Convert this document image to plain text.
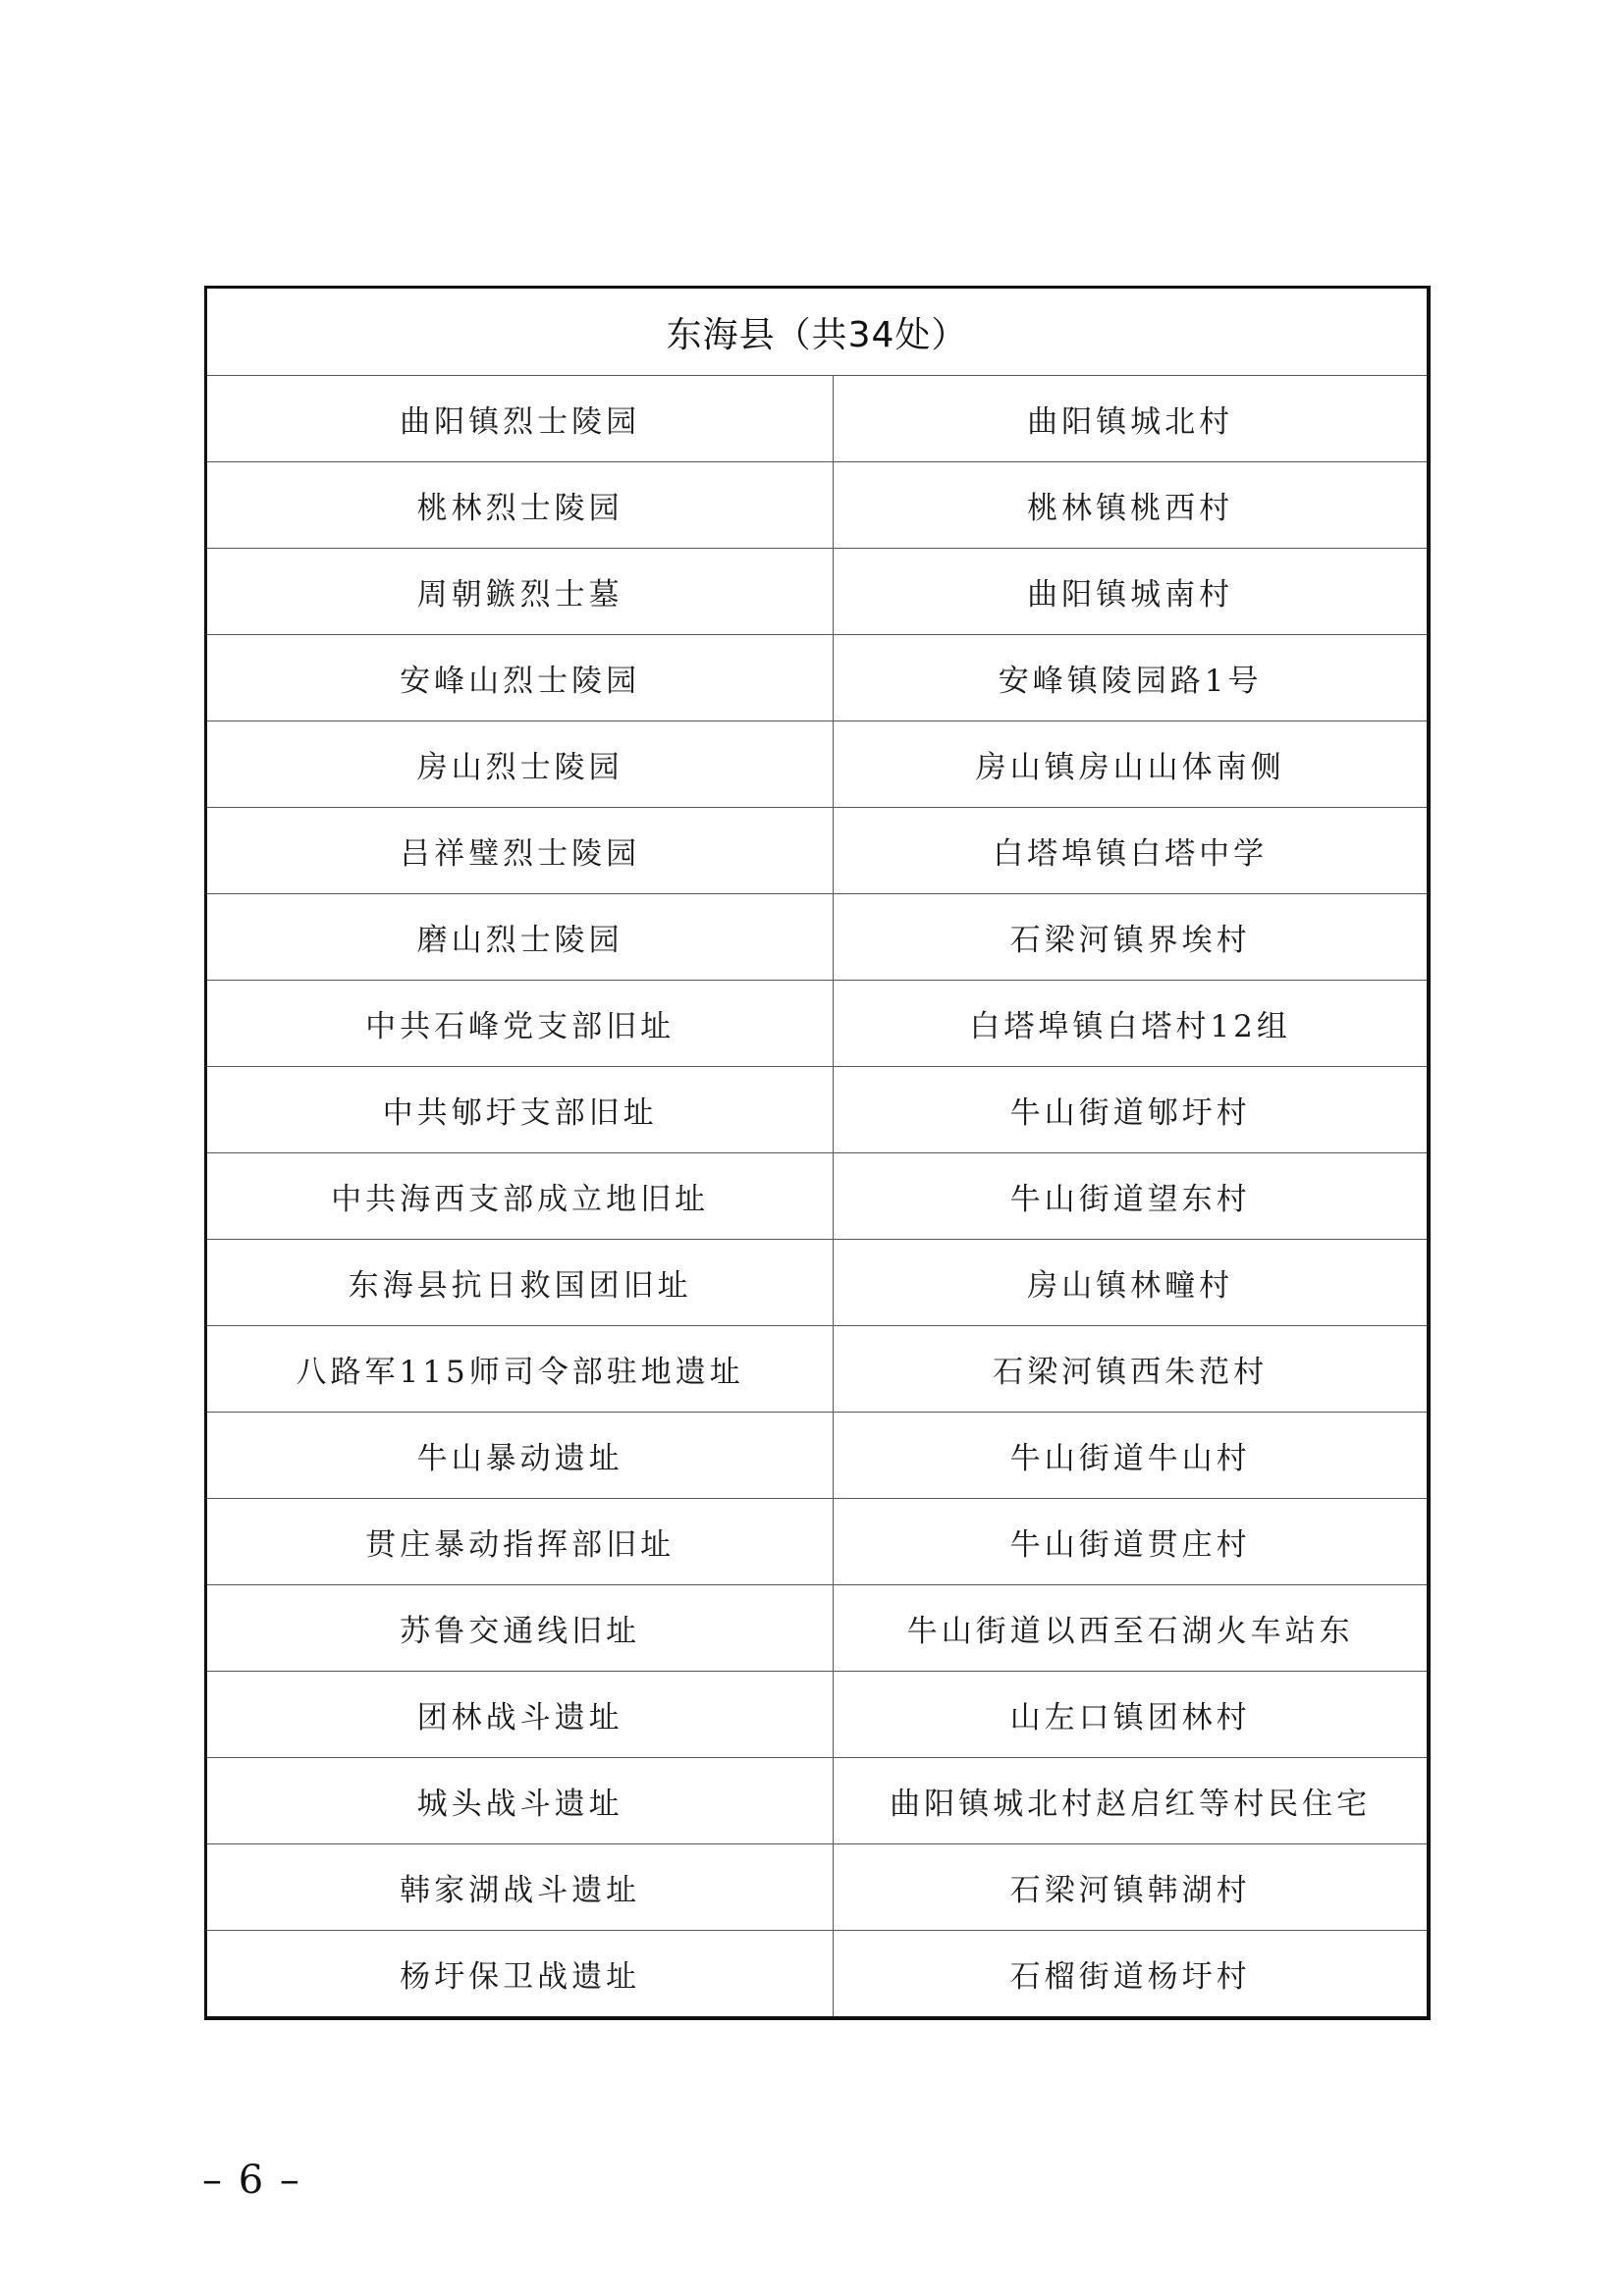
东海县（共34处）	
曲阳镇烈士陵园	曲阳镇城北村
桃林烈士陵园	桃林镇桃西村
周朝鏃烈士墓	曲阳镇城南村
安峰山烈士陵园	安峰镇陵园路1号
房山烈士陵园	房山镇房山山体南侧
吕祥璧烈士陵园	白塔埠镇白塔中学
磨山烈士陵园	石梁河镇界埃村
中共石峰党支部旧址	白塔埠镇白塔村12组
中共郇圩支部旧址	牛山街道郇圩村
中共海西支部成立地旧址	牛山街道望东村
东海县抗日救国团旧址	房山镇林疃村
八路军115师司令部驻地遗址	石梁河镇西朱范村
牛山暴动遗址	牛山街道牛山村
贯庄暴动指挥部旧址	牛山街道贯庄村
苏鲁交通线旧址	牛山街道以西至石湖火车站东
团林战斗遗址	山左口镇团林村
城头战斗遗址	曲阳镇城北村赵启红等村民住宅
韩家湖战斗遗址	石梁河镇韩湖村
杨圩保卫战遗址	石榴街道杨圩村
– 6 –
